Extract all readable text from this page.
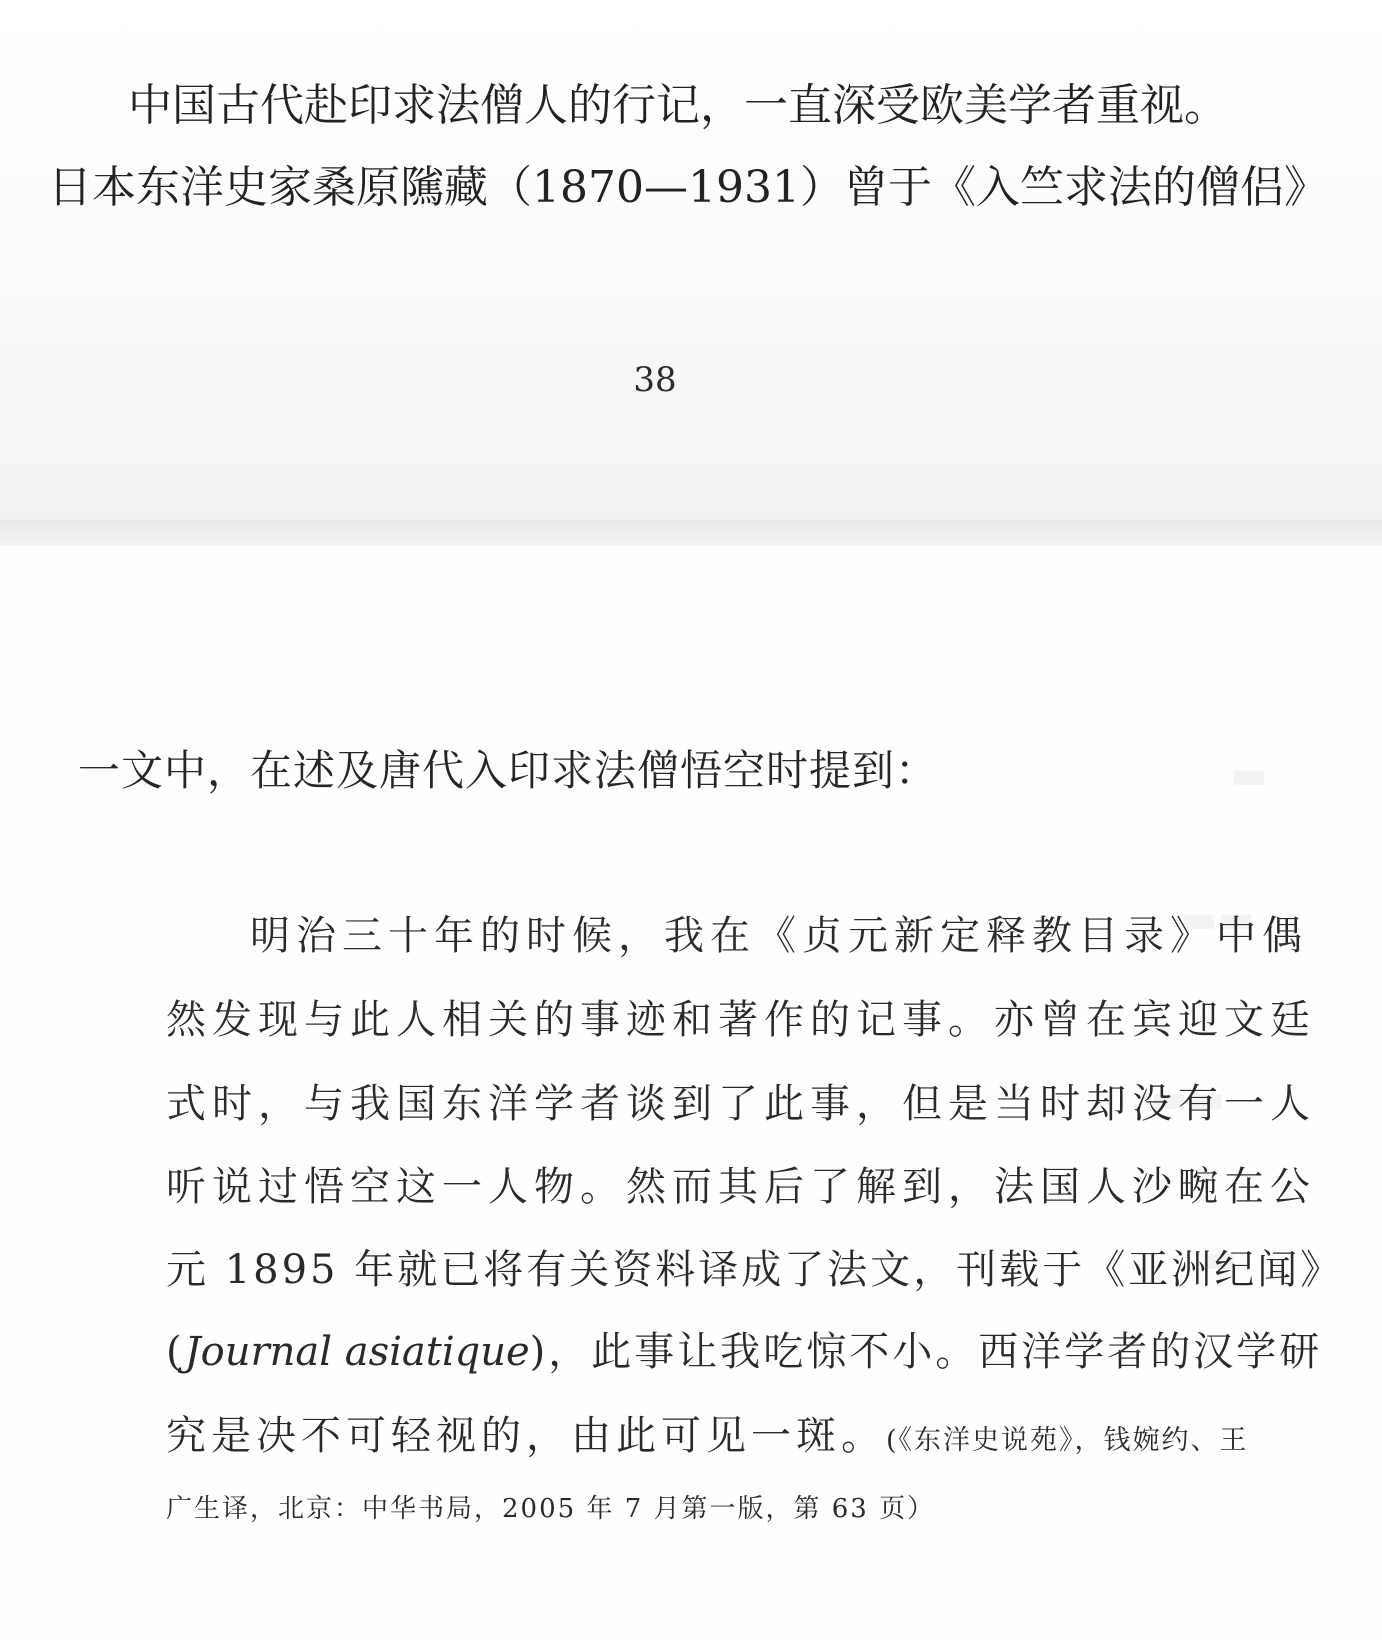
中国古代赴印求法僧人的行记，一直深受欧美学者重视。
日本东洋史家桑原隲藏（1870—1931）曾于《入竺求法的僧侣》
38
一文中，在述及唐代入印求法僧悟空时提到：
明治三十年的时候，我在《贞元新定释教目录》中偶
然发现与此人相关的事迹和著作的记事。亦曾在宾迎文廷
式时，与我国东洋学者谈到了此事，但是当时却没有一人
听说过悟空这一人物。然而其后了解到，法国人沙畹在公
元 1895 年就已将有关资料译成了法文，刊载于《亚洲纪闻》
(Journal asiatique)，此事让我吃惊不小。西洋学者的汉学研
究是决不可轻视的，由此可见一斑。(《东洋史说苑》，钱婉约、王
广生译，北京：中华书局，2005 年 7 月第一版，第 63 页）
